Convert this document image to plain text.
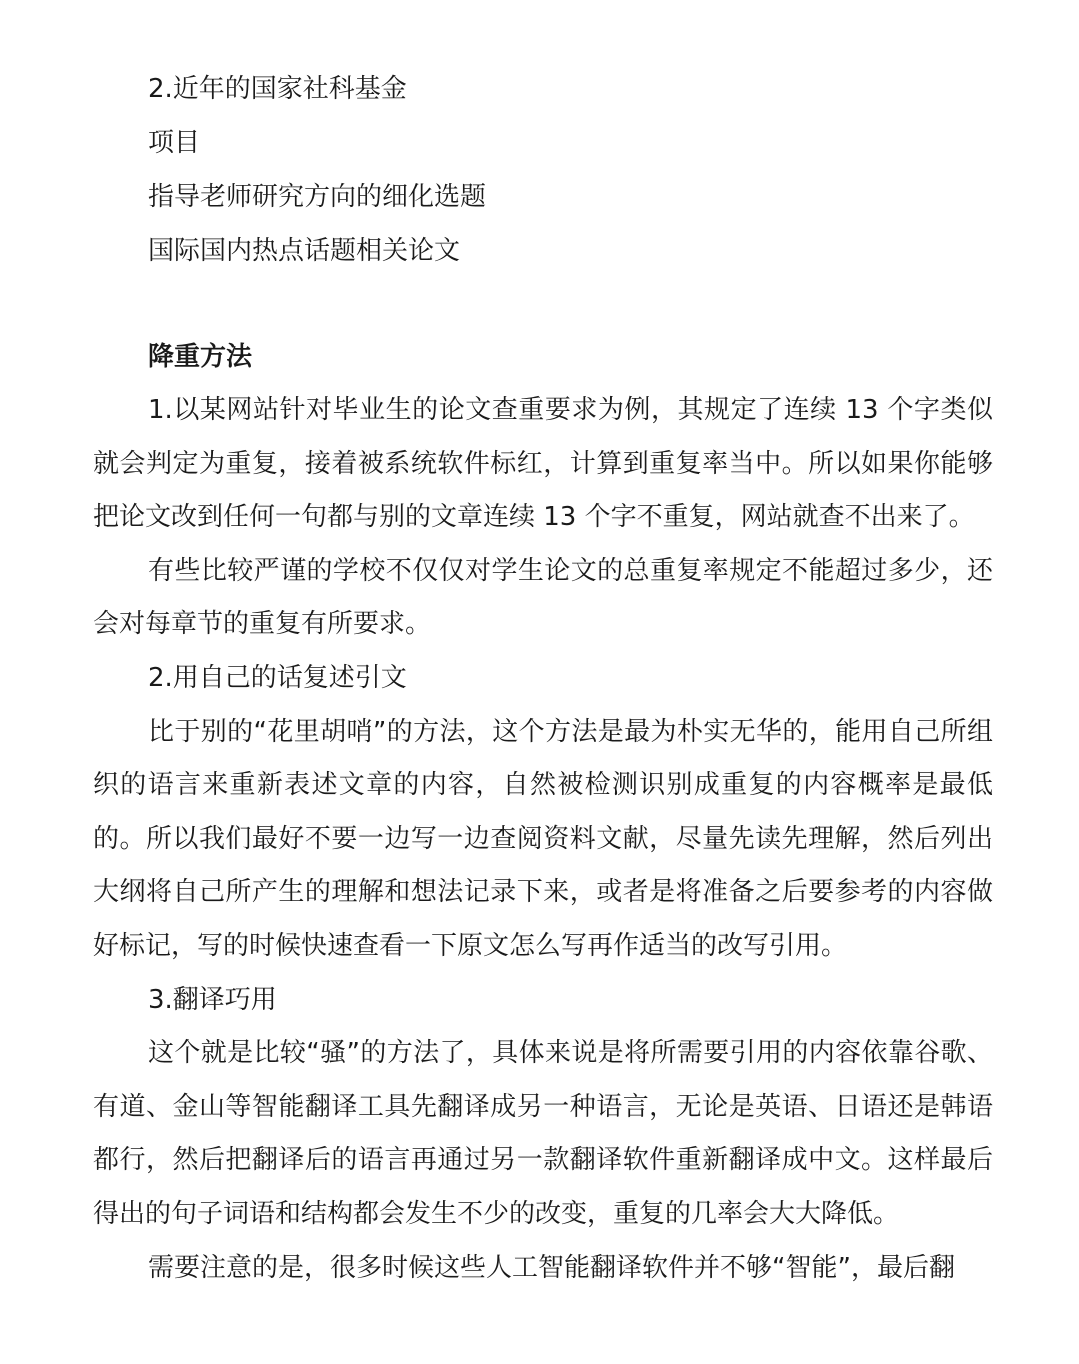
2.近年的国家社科基金
项目
指导老师研究方向的细化选题
国际国内热点话题相关论文
降重方法

1.以某网站针对毕业生的论文查重要求为例，其规定了连续 13 个字类似就会判定为重复，接着被系统软件标红，计算到重复率当中。所以如果你能够把论文改到任何一句都与别的文章连续 13 个字不重复，网站就查不出来了。

有些比较严谨的学校不仅仅对学生论文的总重复率规定不能超过多少，还会对每章节的重复有所要求。

2.用自己的话复述引文

比于别的“花里胡哨”的方法，这个方法是最为朴实无华的，能用自己所组织的语言来重新表述文章的内容，自然被检测识别成重复的内容概率是最低的。所以我们最好不要一边写一边查阅资料文献，尽量先读先理解，然后列出大纲将自己所产生的理解和想法记录下来，或者是将准备之后要参考的内容做好标记，写的时候快速查看一下原文怎么写再作适当的改写引用。

3.翻译巧用

这个就是比较“骚”的方法了，具体来说是将所需要引用的内容依靠谷歌、有道、金山等智能翻译工具先翻译成另一种语言，无论是英语、日语还是韩语都行，然后把翻译后的语言再通过另一款翻译软件重新翻译成中文。这样最后得出的句子词语和结构都会发生不少的改变，重复的几率会大大降低。

需要注意的是，很多时候这些人工智能翻译软件并不够“智能”，最后翻
